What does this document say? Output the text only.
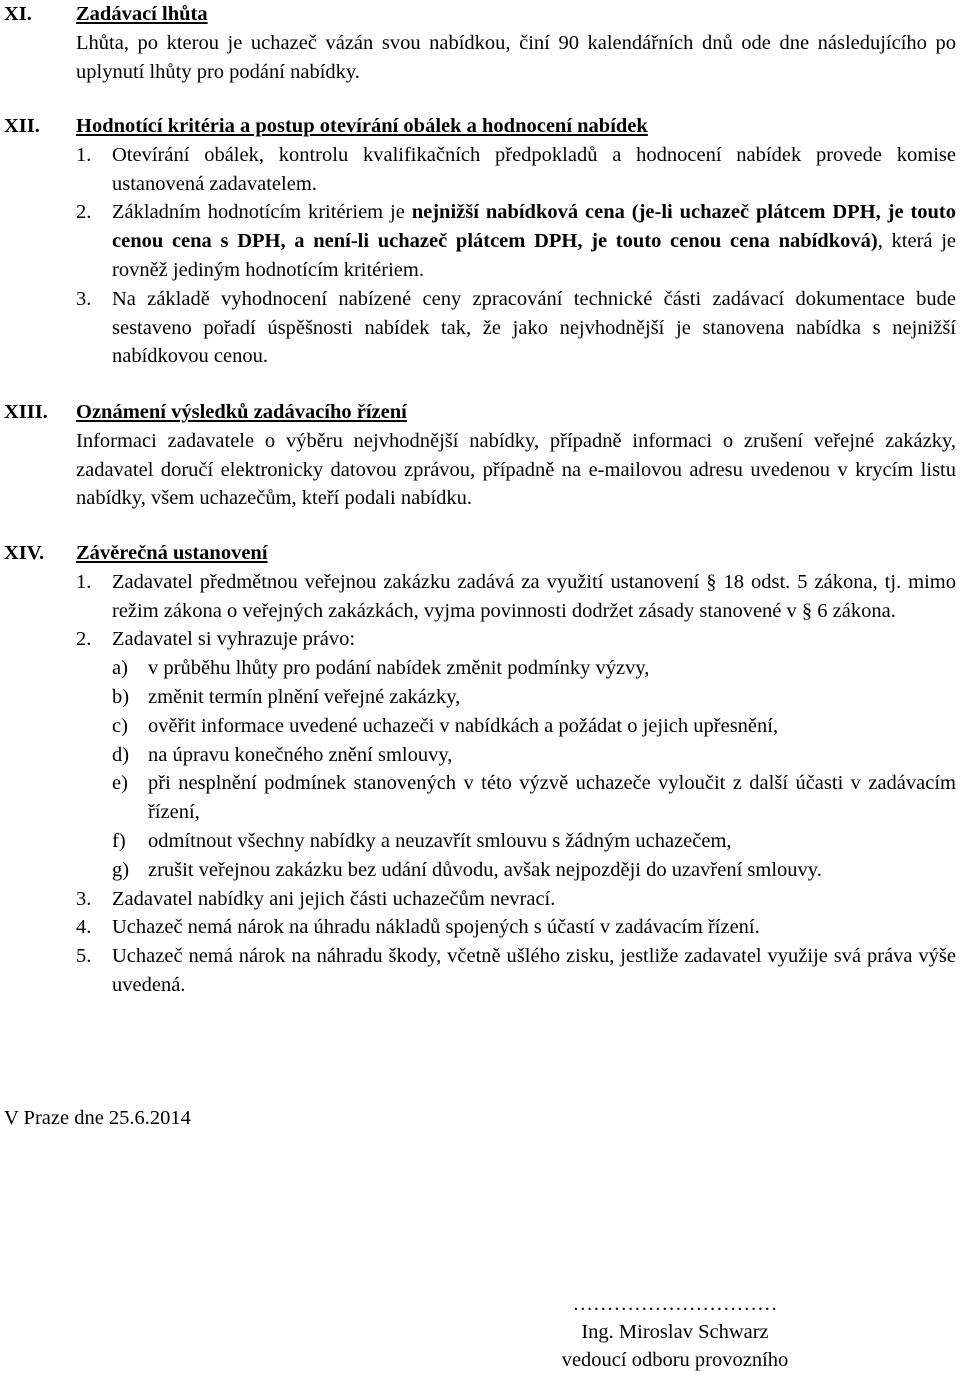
XI. Zadávací lhůta
Lhůta, po kterou je uchazeč vázán svou nabídkou, činí 90 kalendářních dnů ode dne následujícího po uplynutí lhůty pro podání nabídky.
XII. Hodnotící kritéria a postup otevírání obálek a hodnocení nabídek
1. Otevírání obálek, kontrolu kvalifikačních předpokladů a hodnocení nabídek provede komise ustanovená zadavatelem.
2. Základním hodnotícím kritériem je nejnižší nabídková cena (je-li uchazeč plátcem DPH, je touto cenou cena s DPH, a není-li uchazeč plátcem DPH, je touto cenou cena nabídková), která je rovněž jediným hodnotícím kritériem.
3. Na základě vyhodnocení nabízené ceny zpracování technické části zadávací dokumentace bude sestaveno pořadí úspěšnosti nabídek tak, že jako nejvhodnější je stanovena nabídka s nejnižší nabídkovou cenou.
XIII. Oznámení výsledků zadávacího řízení
Informaci zadavatele o výběru nejvhodnější nabídky, případně informaci o zrušení veřejné zakázky, zadavatel doručí elektronicky datovou zprávou, případně na e-mailovou adresu uvedenou v krycím listu nabídky, všem uchazečům, kteří podali nabídku.
XIV. Závěrečná ustanovení
1. Zadavatel předmětnou veřejnou zakázku zadává za využití ustanovení § 18 odst. 5 zákona, tj. mimo režim zákona o veřejných zakázkách, vyjma povinnosti dodržet zásady stanovené v § 6 zákona.
2. Zadavatel si vyhrazuje právo:
a) v průběhu lhůty pro podání nabídek změnit podmínky výzvy,
b) změnit termín plnění veřejné zakázky,
c) ověřit informace uvedené uchazeči v nabídkách a požádat o jejich upřesnění,
d) na úpravu konečného znění smlouvy,
e) při nesplnění podmínek stanovených v této výzvě uchazeče vyloučit z další účasti v zadávacím řízení,
f) odmítnout všechny nabídky a neuzavřít smlouvu s žádným uchazečem,
g) zrušit veřejnou zakázku bez udání důvodu, avšak nejpozději do uzavření smlouvy.
3. Zadavatel nabídky ani jejich části uchazečům nevrací.
4. Uchazeč nemá nárok na úhradu nákladů spojených s účastí v zadávacím řízení.
5. Uchazeč nemá nárok na náhradu škody, včetně ušlého zisku, jestliže zadavatel využije svá práva výše uvedená.
V Praze dne 25.6.2014
…………………………
Ing. Miroslav Schwarz
vedoucí odboru provozního
